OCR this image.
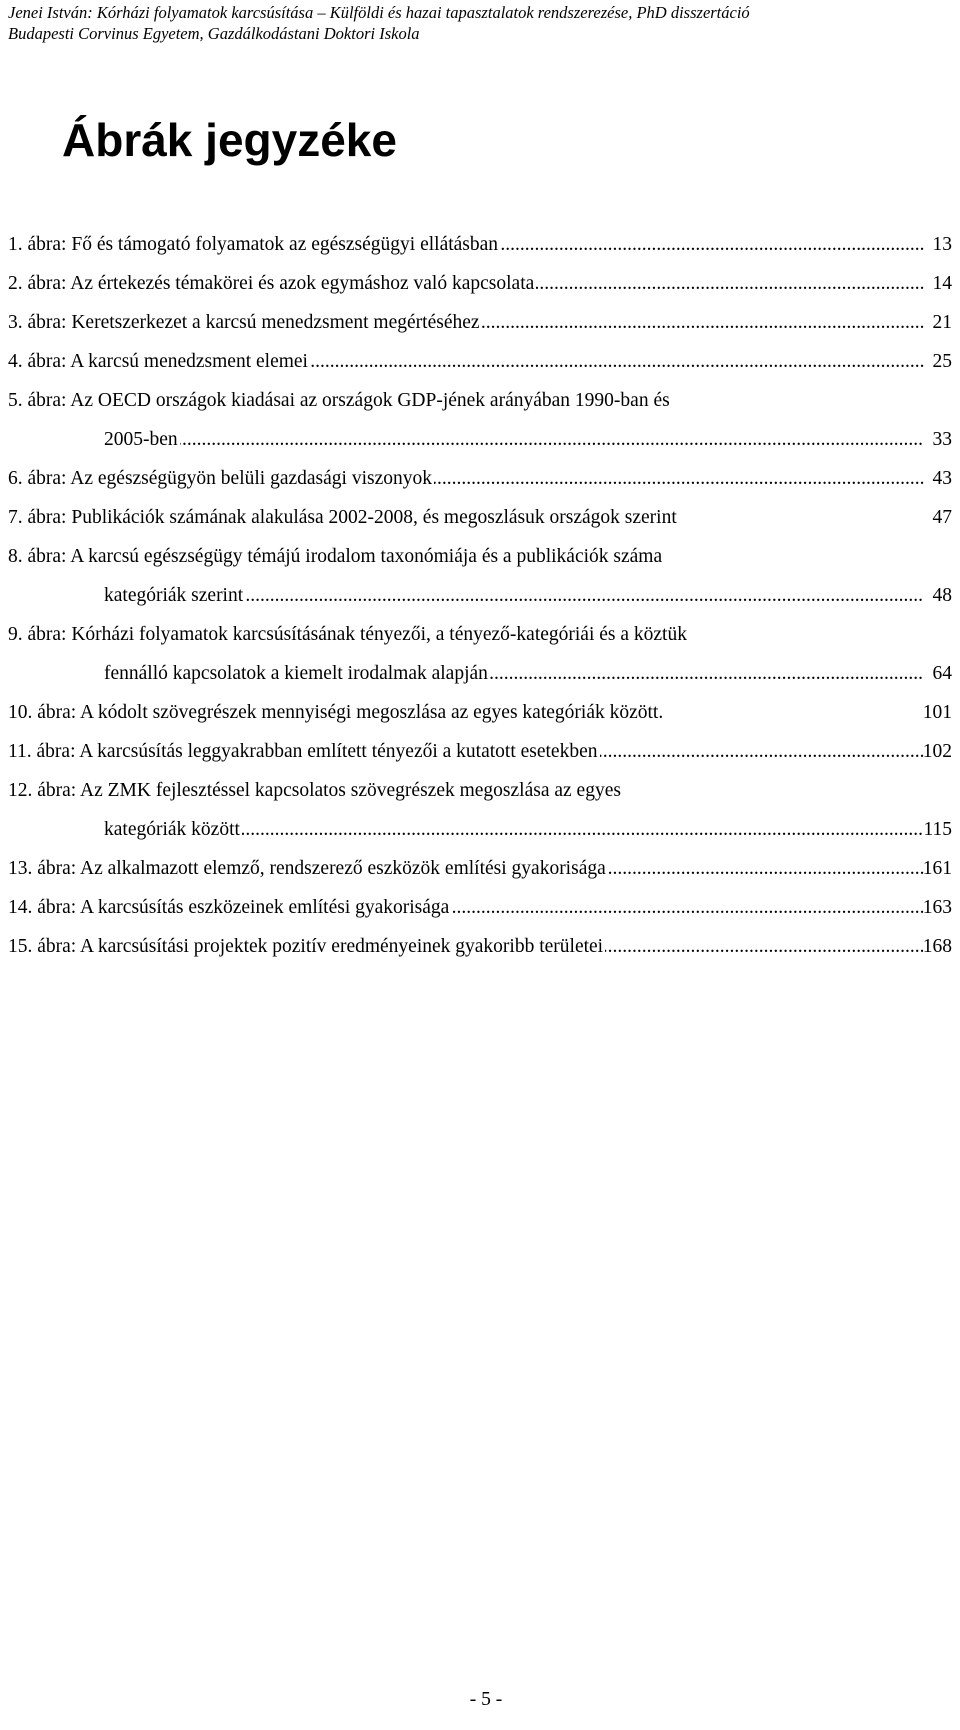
Jenei István: Kórházi folyamatok karcsúsítása – Külföldi és hazai tapasztalatok rendszerezése, PhD disszertáció
Budapesti Corvinus Egyetem, Gazdálkodástani Doktori Iskola
Ábrák jegyzéke
.....
1. ábra: Fő és támogató folyamatok az egészségügyi ellátásban	13
.....
2. ábra: Az értekezés témakörei és azok egymáshoz való kapcsolata	14
.....
3. ábra: Keretszerkezet a karcsú menedzsment megértéséhez	21
.....
4. ábra: A karcsú menedzsment elemei	25
5. ábra: Az OECD országok kiadásai az országok GDP-jének arányában 1990-ban és
.....
2005-ben	33
.....
6. ábra: Az egészségügyön belüli gazdasági viszonyok	43
7. ábra: Publikációk számának alakulása 2002-2008, és megoszlásuk országok szerint	47
8. ábra: A karcsú egészségügy témájú irodalom taxonómiája és a publikációk száma
.....
kategóriák szerint	48
9. ábra: Kórházi folyamatok karcsúsításának tényezői, a tényező-kategóriái és a köztük
.....
fennálló kapcsolatok a kiemelt irodalmak alapján	64
10. ábra: A kódolt szövegrészek mennyiségi megoszlása az egyes kategóriák között.	101
.....
11. ábra: A karcsúsítás leggyakrabban említett tényezői a kutatott esetekben	102
12. ábra: Az ZMK fejlesztéssel kapcsolatos szövegrészek megoszlása az egyes
.....
kategóriák között	115
.....
13. ábra: Az alkalmazott elemző, rendszerező eszközök említési gyakorisága	161
.....
14. ábra: A karcsúsítás eszközeinek említési gyakorisága	163
.....
15. ábra: A karcsúsítási projektek pozitív eredményeinek gyakoribb területei	168
- 5 -
